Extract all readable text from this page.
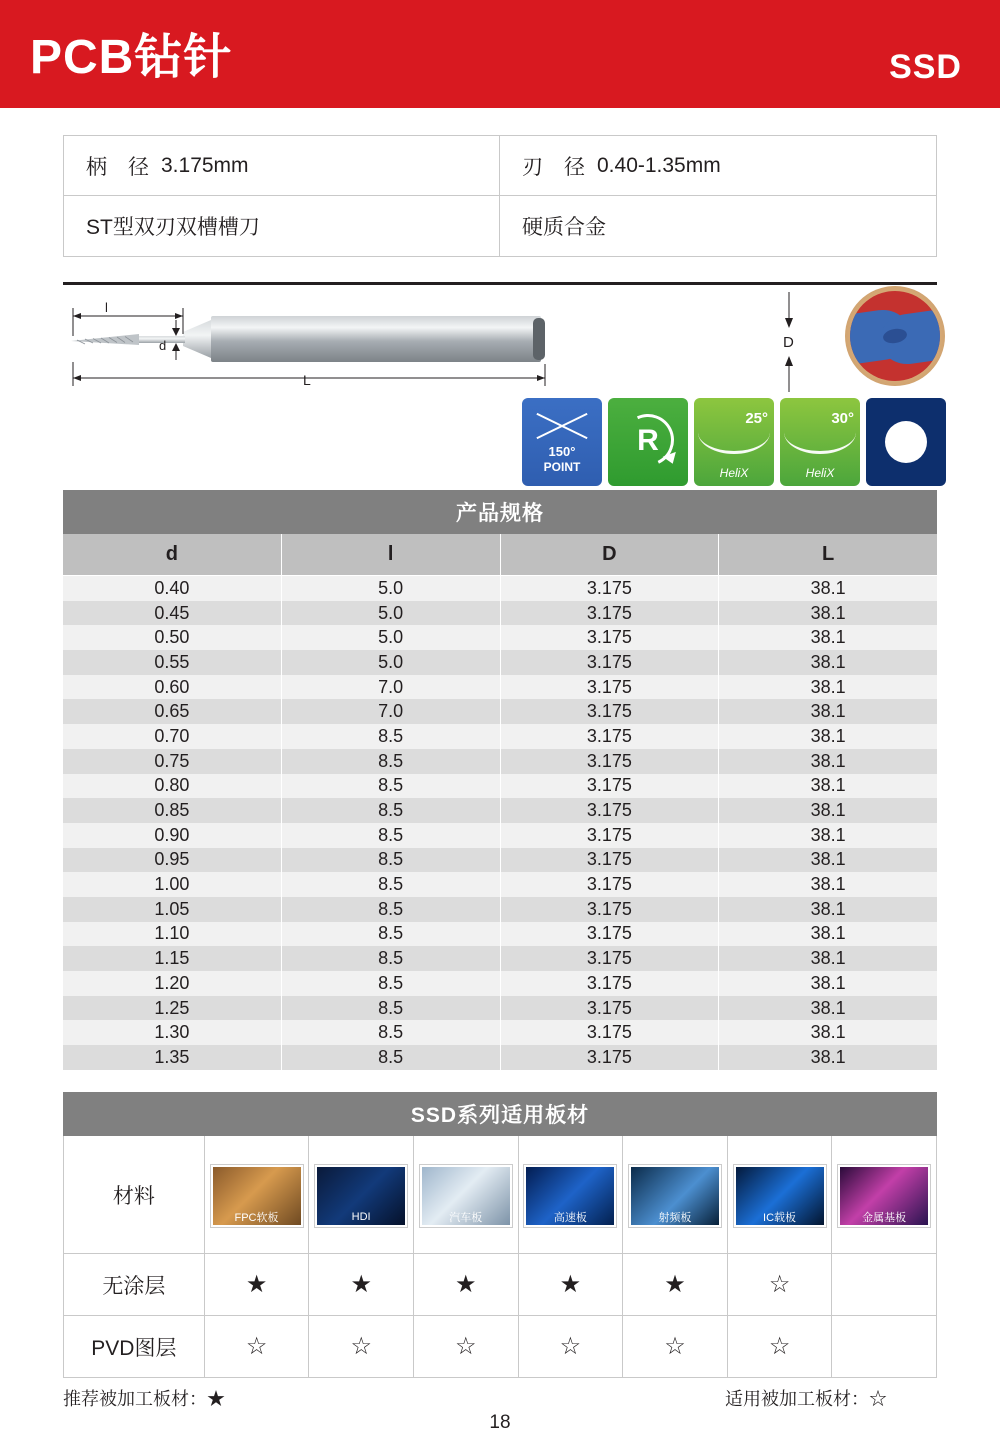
PCB钻针	SSD
柄　径 3.175mm	刃　径 0.40-1.35mm
ST型双刃双槽槽刀	硬质合金
l
d
L
D
150°
POINT
R
25°
HeliX
30°
HeliX
产品规格
d	l	D	L
0.40	5.0	3.175	38.1
0.45	5.0	3.175	38.1
0.50	5.0	3.175	38.1
0.55	5.0	3.175	38.1
0.60	7.0	3.175	38.1
0.65	7.0	3.175	38.1
0.70	8.5	3.175	38.1
0.75	8.5	3.175	38.1
0.80	8.5	3.175	38.1
0.85	8.5	3.175	38.1
0.90	8.5	3.175	38.1
0.95	8.5	3.175	38.1
1.00	8.5	3.175	38.1
1.05	8.5	3.175	38.1
1.10	8.5	3.175	38.1
1.15	8.5	3.175	38.1
1.20	8.5	3.175	38.1
1.25	8.5	3.175	38.1
1.30	8.5	3.175	38.1
1.35	8.5	3.175	38.1
SSD系列适用板材
材料
FPC软板	HDI	汽车板	高速板	射频板	IC载板	金属基板
无涂层	★	★	★	★	★	☆
PVD图层	☆	☆	☆	☆	☆	☆
推荐被加工板材：★	适用被加工板材：☆
18
